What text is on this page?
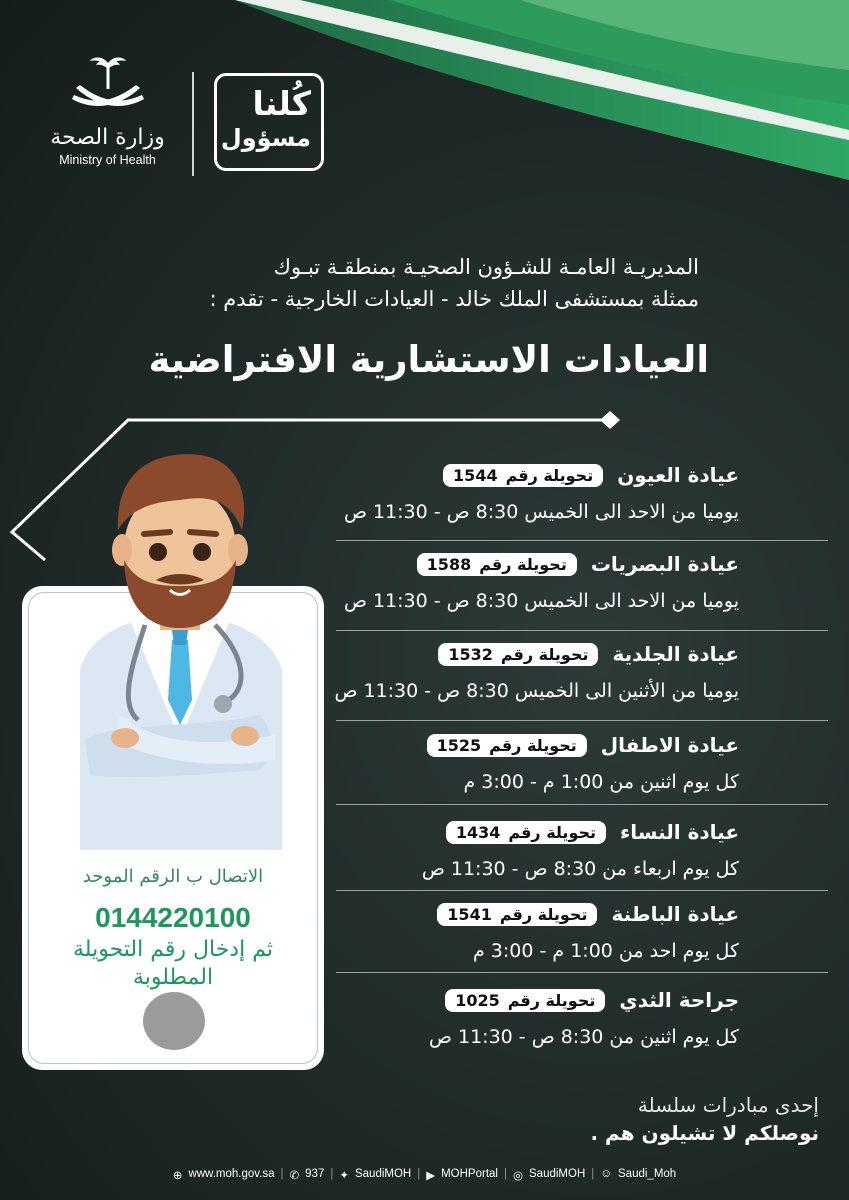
وزارة الصحة
Ministry of Health
كُلنا
مسؤول
المديريـة العامـة للشـؤون الصحيـة بمنطقـة تبـوك
ممثلة بمستشفى الملك خالد - العيادات الخارجية - تقدم :
العيادات الاستشارية الافتراضية
الاتصال ب الرقم الموحد
0144220100
ثم إدخال رقم التحويلة
المطلوبة
عيادة العيون
تحويلة رقم
1544
يوميا من الاحد الى الخميس 8:30 ص - 11:30 ص
عيادة البصريات
تحويلة رقم
1588
يوميا من الاحد الى الخميس 8:30 ص - 11:30 ص
عيادة الجلدية
تحويلة رقم
1532
يوميا من الأثنين الى الخميس 8:30 ص - 11:30 ص
عيادة الاطفال
تحويلة رقم
1525
كل يوم اثنين من 1:00 م - 3:00 م
عيادة النساء
تحويلة رقم
1434
كل يوم اربعاء من 8:30 ص - 11:30 ص
عيادة الباطنة
تحويلة رقم
1541
كل يوم احد من 1:00 م - 3:00 م
جراحة الثدي
تحويلة رقم
1025
كل يوم اثنين من 8:30 ص - 11:30 ص
إحدى مبادرات سلسلة
نوصلكم لا تشيلون هم .
⊕ www.moh.gov.sa | ✆ 937 | ✦ SaudiMOH | ▶ MOHPortal | ◎ SaudiMOH | ☺ Saudi_Moh
